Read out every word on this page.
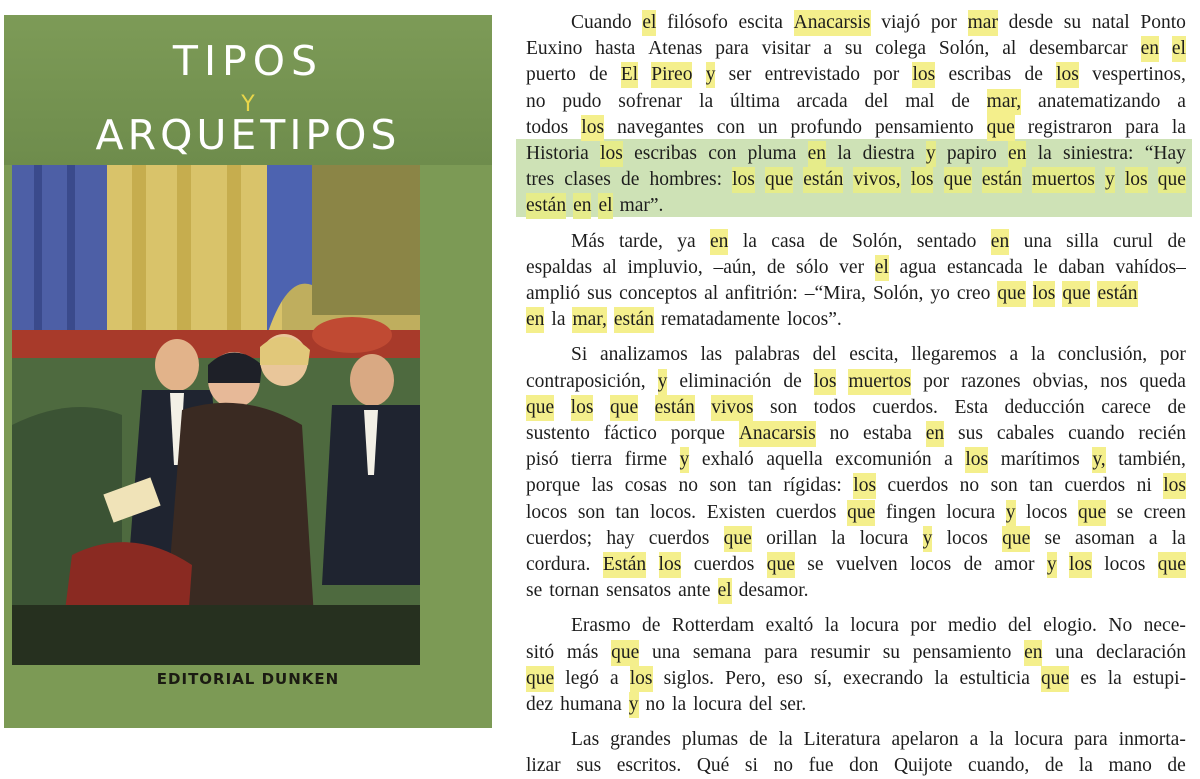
TIPOS
Y
ARQUETIPOS
EDITORIAL DUNKEN
Cuando el filósofo escita Anacarsis viajó por mar desde su natal Ponto
Euxino hasta Atenas para visitar a su colega Solón, al desembarcar en el
puerto de El Pireo y ser entrevistado por los escribas de los vespertinos,
no pudo sofrenar la última arcada del mal de mar, anatematizando a
todos los navegantes con un profundo pensamiento que registraron para la
Historia los escribas con pluma en la diestra y papiro en la siniestra: “Hay
tres clases de hombres: los que están vivos, los que están muertos y los que
están en el mar”.
Más tarde, ya en la casa de Solón, sentado en una silla curul de
espaldas al impluvio, –aún, de sólo ver el agua estancada le daban vahídos–
amplió sus conceptos al anfitrión: –“Mira, Solón, yo creo que los que están
en la mar, están rematadamente locos”.
Si analizamos las palabras del escita, llegaremos a la conclusión, por
contraposición, y eliminación de los muertos por razones obvias, nos queda
que los que están vivos son todos cuerdos. Esta deducción carece de
sustento fáctico porque Anacarsis no estaba en sus cabales cuando recién
pisó tierra firme y exhaló aquella excomunión a los marítimos y, también,
porque las cosas no son tan rígidas: los cuerdos no son tan cuerdos ni los
locos son tan locos. Existen cuerdos que fingen locura y locos que se creen
cuerdos; hay cuerdos que orillan la locura y locos que se asoman a la
cordura. Están los cuerdos que se vuelven locos de amor y los locos que
se tornan sensatos ante el desamor.
Erasmo de Rotterdam exaltó la locura por medio del elogio. No nece-
sitó más que una semana para resumir su pensamiento en una declaración
que legó a los siglos. Pero, eso sí, execrando la estulticia que es la estupi-
dez humana y no la locura del ser.
Las grandes plumas de la Literatura apelaron a la locura para inmorta-
lizar sus escritos. Qué si no fue don Quijote cuando, de la mano de
